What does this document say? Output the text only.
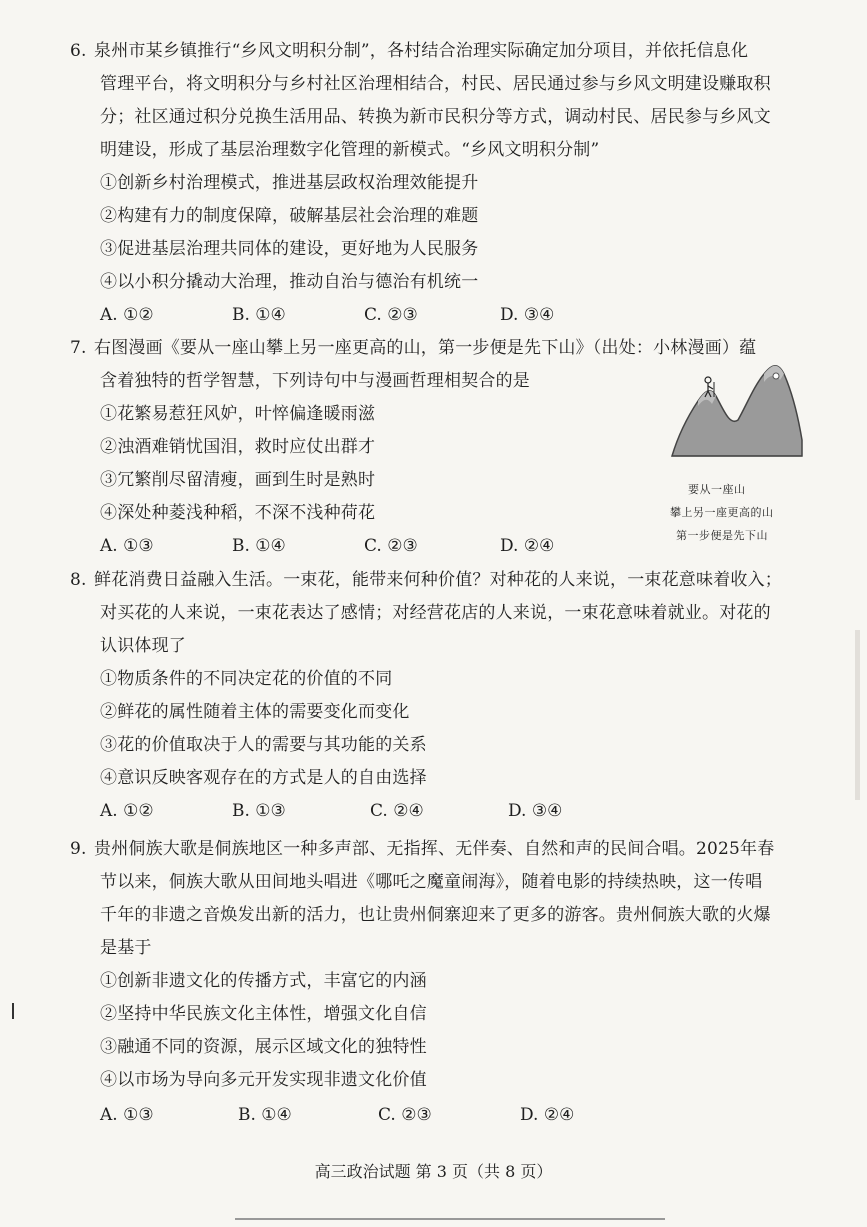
6. 泉州市某乡镇推行“乡风文明积分制”，各村结合治理实际确定加分项目，并依托信息化
管理平台，将文明积分与乡村社区治理相结合，村民、居民通过参与乡风文明建设赚取积
分；社区通过积分兑换生活用品、转换为新市民积分等方式，调动村民、居民参与乡风文
明建设，形成了基层治理数字化管理的新模式。“乡风文明积分制”
①创新乡村治理模式，推进基层政权治理效能提升
②构建有力的制度保障，破解基层社会治理的难题
③促进基层治理共同体的建设，更好地为人民服务
④以小积分撬动大治理，推动自治与德治有机统一
A. ①②	B. ①④	C. ②③	D. ③④
7. 右图漫画《要从一座山攀上另一座更高的山，第一步便是先下山》（出处：小林漫画）蕴
含着独特的哲学智慧，下列诗句中与漫画哲理相契合的是
①花繁易惹狂风妒，叶悴偏逢暖雨滋
②浊酒难销忧国泪，救时应仗出群才
③冗繁削尽留清瘦，画到生时是熟时
④深处种菱浅种稻，不深不浅种荷花
A. ①③	B. ①④	C. ②③	D. ②④
要从一座山
攀上另一座更高的山
第一步便是先下山
8. 鲜花消费日益融入生活。一束花，能带来何种价值？对种花的人来说，一束花意味着收入；
对买花的人来说，一束花表达了感情；对经营花店的人来说，一束花意味着就业。对花的
认识体现了
①物质条件的不同决定花的价值的不同
②鲜花的属性随着主体的需要变化而变化
③花的价值取决于人的需要与其功能的关系
④意识反映客观存在的方式是人的自由选择
A. ①②	B. ①③	C. ②④	D. ③④
9. 贵州侗族大歌是侗族地区一种多声部、无指挥、无伴奏、自然和声的民间合唱。2025年春
节以来，侗族大歌从田间地头唱进《哪吒之魔童闹海》，随着电影的持续热映，这一传唱
千年的非遗之音焕发出新的活力，也让贵州侗寨迎来了更多的游客。贵州侗族大歌的火爆
是基于
①创新非遗文化的传播方式，丰富它的内涵
②坚持中华民族文化主体性，增强文化自信
③融通不同的资源，展示区域文化的独特性
④以市场为导向多元开发实现非遗文化价值
A. ①③	B. ①④	C. ②③	D. ②④
高三政治试题 第 3 页（共 8 页）
